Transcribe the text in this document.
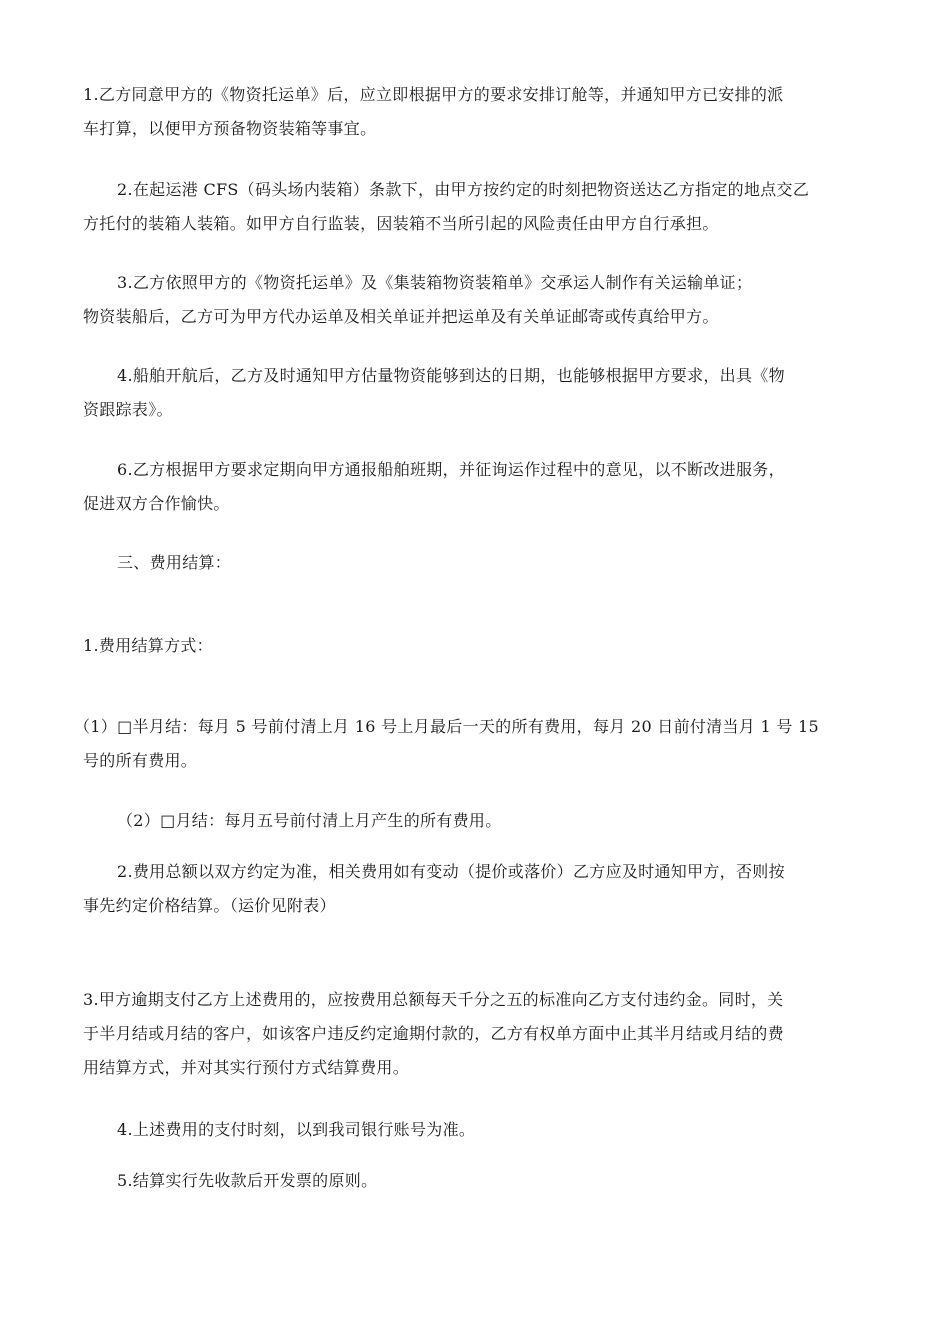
1.乙方同意甲方的《物资托运单》后，应立即根据甲方的要求安排订舱等，并通知甲方已安排的派
车打算，以便甲方预备物资装箱等事宜。

2.在起运港 CFS（码头场内装箱）条款下，由甲方按约定的时刻把物资送达乙方指定的地点交乙
方托付的装箱人装箱。如甲方自行监装，因装箱不当所引起的风险责任由甲方自行承担。

3.乙方依照甲方的《物资托运单》及《集装箱物资装箱单》交承运人制作有关运输单证；
物资装船后，乙方可为甲方代办运单及相关单证并把运单及有关单证邮寄或传真给甲方。

4.船舶开航后，乙方及时通知甲方估量物资能够到达的日期，也能够根据甲方要求，出具《物
资跟踪表》。

6.乙方根据甲方要求定期向甲方通报船舶班期，并征询运作过程中的意见，以不断改进服务，
促进双方合作愉快。

三、费用结算：

1.费用结算方式：

（1）□半月结：每月 5 号前付清上月 16 号上月最后一天的所有费用，每月 20 日前付清当月 1 号 15
号的所有费用。

（2）□月结：每月五号前付清上月产生的所有费用。

2.费用总额以双方约定为准，相关费用如有变动（提价或落价）乙方应及时通知甲方，否则按
事先约定价格结算。（运价见附表）

3.甲方逾期支付乙方上述费用的，应按费用总额每天千分之五的标准向乙方支付违约金。同时，关
于半月结或月结的客户，如该客户违反约定逾期付款的，乙方有权单方面中止其半月结或月结的费
用结算方式，并对其实行预付方式结算费用。

4.上述费用的支付时刻，以到我司银行账号为准。

5.结算实行先收款后开发票的原则。
